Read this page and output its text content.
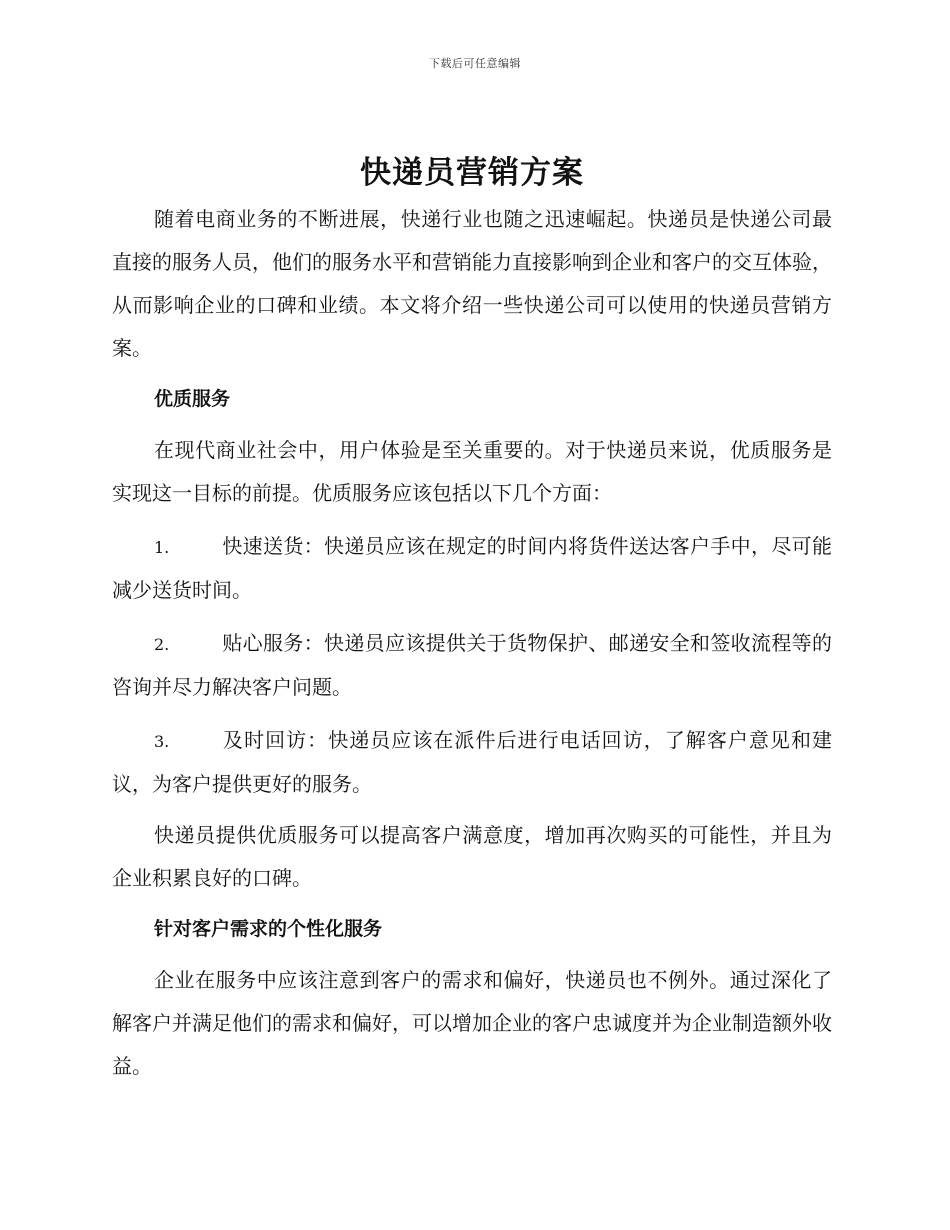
下载后可任意编辑
快递员营销方案

随着电商业务的不断进展，快递行业也随之迅速崛起。快递员是快递公司最直接的服务人员，他们的服务水平和营销能力直接影响到企业和客户的交互体验，从而影响企业的口碑和业绩。本文将介绍一些快递公司可以使用的快递员营销方案。

优质服务

在现代商业社会中，用户体验是至关重要的。对于快递员来说，优质服务是实现这一目标的前提。优质服务应该包括以下几个方面：

1.	快速送货：快递员应该在规定的时间内将货件送达客户手中，尽可能减少送货时间。

2.	贴心服务：快递员应该提供关于货物保护、邮递安全和签收流程等的咨询并尽力解决客户问题。

3.	及时回访：快递员应该在派件后进行电话回访，了解客户意见和建议，为客户提供更好的服务。

快递员提供优质服务可以提高客户满意度，增加再次购买的可能性，并且为企业积累良好的口碑。

针对客户需求的个性化服务

企业在服务中应该注意到客户的需求和偏好，快递员也不例外。通过深化了解客户并满足他们的需求和偏好，可以增加企业的客户忠诚度并为企业制造额外收益。
